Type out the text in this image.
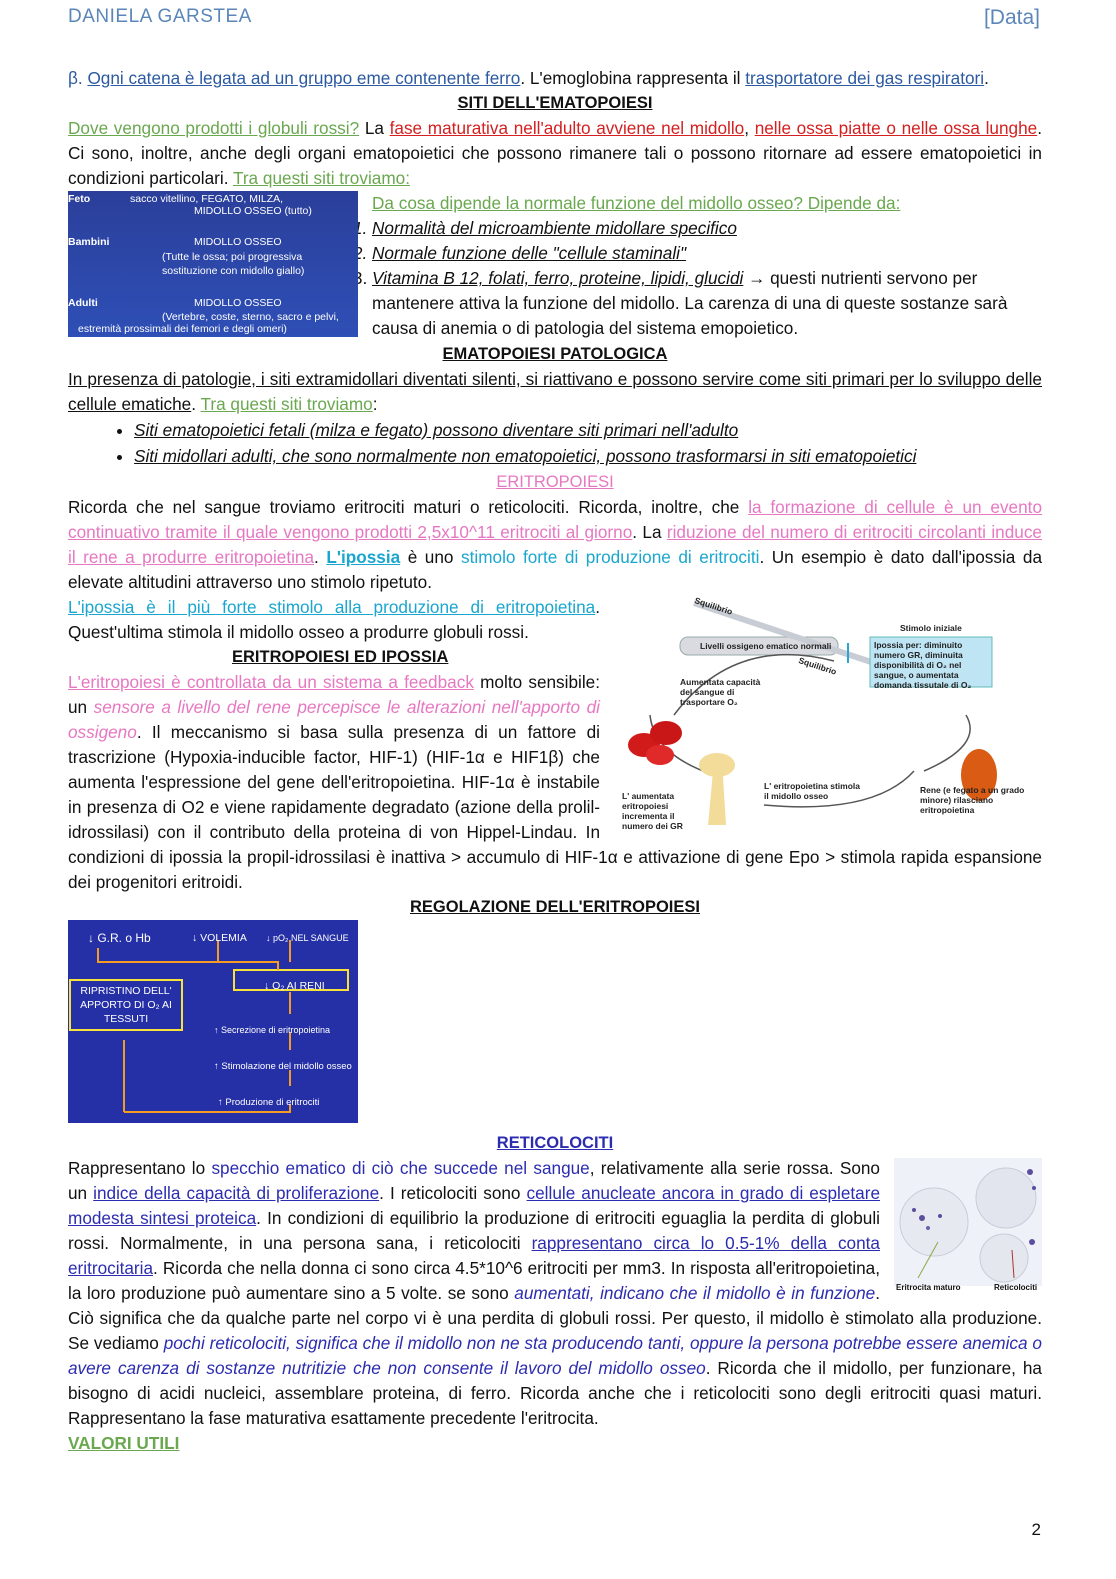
DANIELA GARSTEA	[Data]

β. Ogni catena è legata ad un gruppo eme contenente ferro. L'emoglobina rappresenta il trasportatore dei gas respiratori.

SITI DELL'EMATOPOIESI

Dove vengono prodotti i globuli rossi? La fase maturativa nell'adulto avviene nel midollo, nelle ossa piatte o nelle ossa lunghe. Ci sono, inoltre, anche degli organi ematopoietici che possono rimanere tali o possono ritornare ad essere ematopoietici in condizioni particolari. Tra questi siti troviamo:

Feto	sacco vitellino, FEGATO, MILZA,
MIDOLLO OSSEO (tutto)
Bambini	MIDOLLO OSSEO
(Tutte le ossa; poi progressiva
sostituzione con midollo giallo)
Adulti	MIDOLLO OSSEO
(Vertebre, coste, sterno, sacro e pelvi,
estremità prossimali dei femori e degli omeri)

Da cosa dipende la normale funzione del midollo osseo? Dipende da:

1. Normalità del microambiente midollare specifico
2. Normale funzione delle "cellule staminali"
3. Vitamina B 12, folati, ferro, proteine, lipidi, glucidi → questi nutrienti servono per mantenere attiva la funzione del midollo. La carenza di una di queste sostanze sarà causa di anemia o di patologia del sistema emopoietico.

EMATOPOIESI PATOLOGICA

In presenza di patologie, i siti extramidollari diventati silenti, si riattivano e possono servire come siti primari per lo sviluppo delle cellule ematiche. Tra questi siti troviamo:

• Siti ematopoietici fetali (milza e fegato) possono diventare siti primari nell'adulto
• Siti midollari adulti, che sono normalmente non ematopoietici, possono trasformarsi in siti ematopoietici

ERITROPOIESI

Ricorda che nel sangue troviamo eritrociti maturi o reticolociti. Ricorda, inoltre, che la formazione di cellule è un evento continuativo tramite il quale vengono prodotti 2,5x10^11 eritrociti al giorno. La riduzione del numero di eritrociti circolanti induce il rene a produrre eritropoietina. L'ipossia è uno stimolo forte di produzione di eritrociti. Un esempio è dato dall'ipossia da elevate altitudini attraverso uno stimolo ripetuto.

Squilibrio
Livelli ossigeno ematico normali
Squilibrio
Stimolo iniziale
Ipossia per: diminuito numero GR, diminuita disponibilità di O₂ nel sangue, o aumentata domanda tissutale di O₂
Aumentata capacità del sangue di trasportare O₂
L' aumentata eritropoiesi incrementa il numero dei GR
L' eritropoietina stimola il midollo osseo
Rene (e fegato a un grado minore) rilasciano eritropoietina

L'ipossia è il più forte stimolo alla produzione di eritropoietina. Quest'ultima stimola il midollo osseo a produrre globuli rossi.

ERITROPOIESI ED IPOSSIA

L'eritropoiesi è controllata da un sistema a feedback molto sensibile: un sensore a livello del rene percepisce le alterazioni nell'apporto di ossigeno. Il meccanismo si basa sulla presenza di un fattore di trascrizione (Hypoxia-inducible factor, HIF-1) (HIF-1α e HIF1β) che aumenta l'espressione del gene dell'eritropoietina. HIF-1α è instabile in presenza di O2 e viene rapidamente degradato (azione della prolil-idrossilasi) con il contributo della proteina di von Hippel-Lindau. In condizioni di ipossia la propil-idrossilasi è inattiva > accumulo di HIF-1α e attivazione di gene Epo > stimola rapida espansione dei progenitori eritroidi.

REGOLAZIONE DELL'ERITROPOIESI

↓ G.R. o Hb	↓ VOLEMIA ↓ pO₂ NEL SANGUE
↓ O₂ AI RENI
RIPRISTINO DELL' APPORTO DI O₂ AI TESSUTI
↑ Secrezione di eritropoietina
↑ Stimolazione del midollo osseo
↑ Produzione di eritrociti

RETICOLOCITI

Eritrocita maturo	Reticolociti

Rappresentano lo specchio ematico di ciò che succede nel sangue, relativamente alla serie rossa. Sono un indice della capacità di proliferazione. I reticolociti sono cellule anucleate ancora in grado di espletare modesta sintesi proteica. In condizioni di equilibrio la produzione di eritrociti eguaglia la perdita di globuli rossi. Normalmente, in una persona sana, i reticolociti rappresentano circa lo 0.5-1% della conta eritrocitaria. Ricorda che nella donna ci sono circa 4.5*10^6 eritrociti per mm3. In risposta all'eritropoietina, la loro produzione può aumentare sino a 5 volte. se sono aumentati, indicano che il midollo è in funzione. Ciò significa che da qualche parte nel corpo vi è una perdita di globuli rossi. Per questo, il midollo è stimolato alla produzione. Se vediamo pochi reticolociti, significa che il midollo non ne sta producendo tanti, oppure la persona potrebbe essere anemica o avere carenza di sostanze nutritizie che non consente il lavoro del midollo osseo. Ricorda che il midollo, per funzionare, ha bisogno di acidi nucleici, assemblare proteina, di ferro. Ricorda anche che i reticolociti sono degli eritrociti quasi maturi. Rappresentano la fase maturativa esattamente precedente l'eritrocita.

VALORI UTILI

2
